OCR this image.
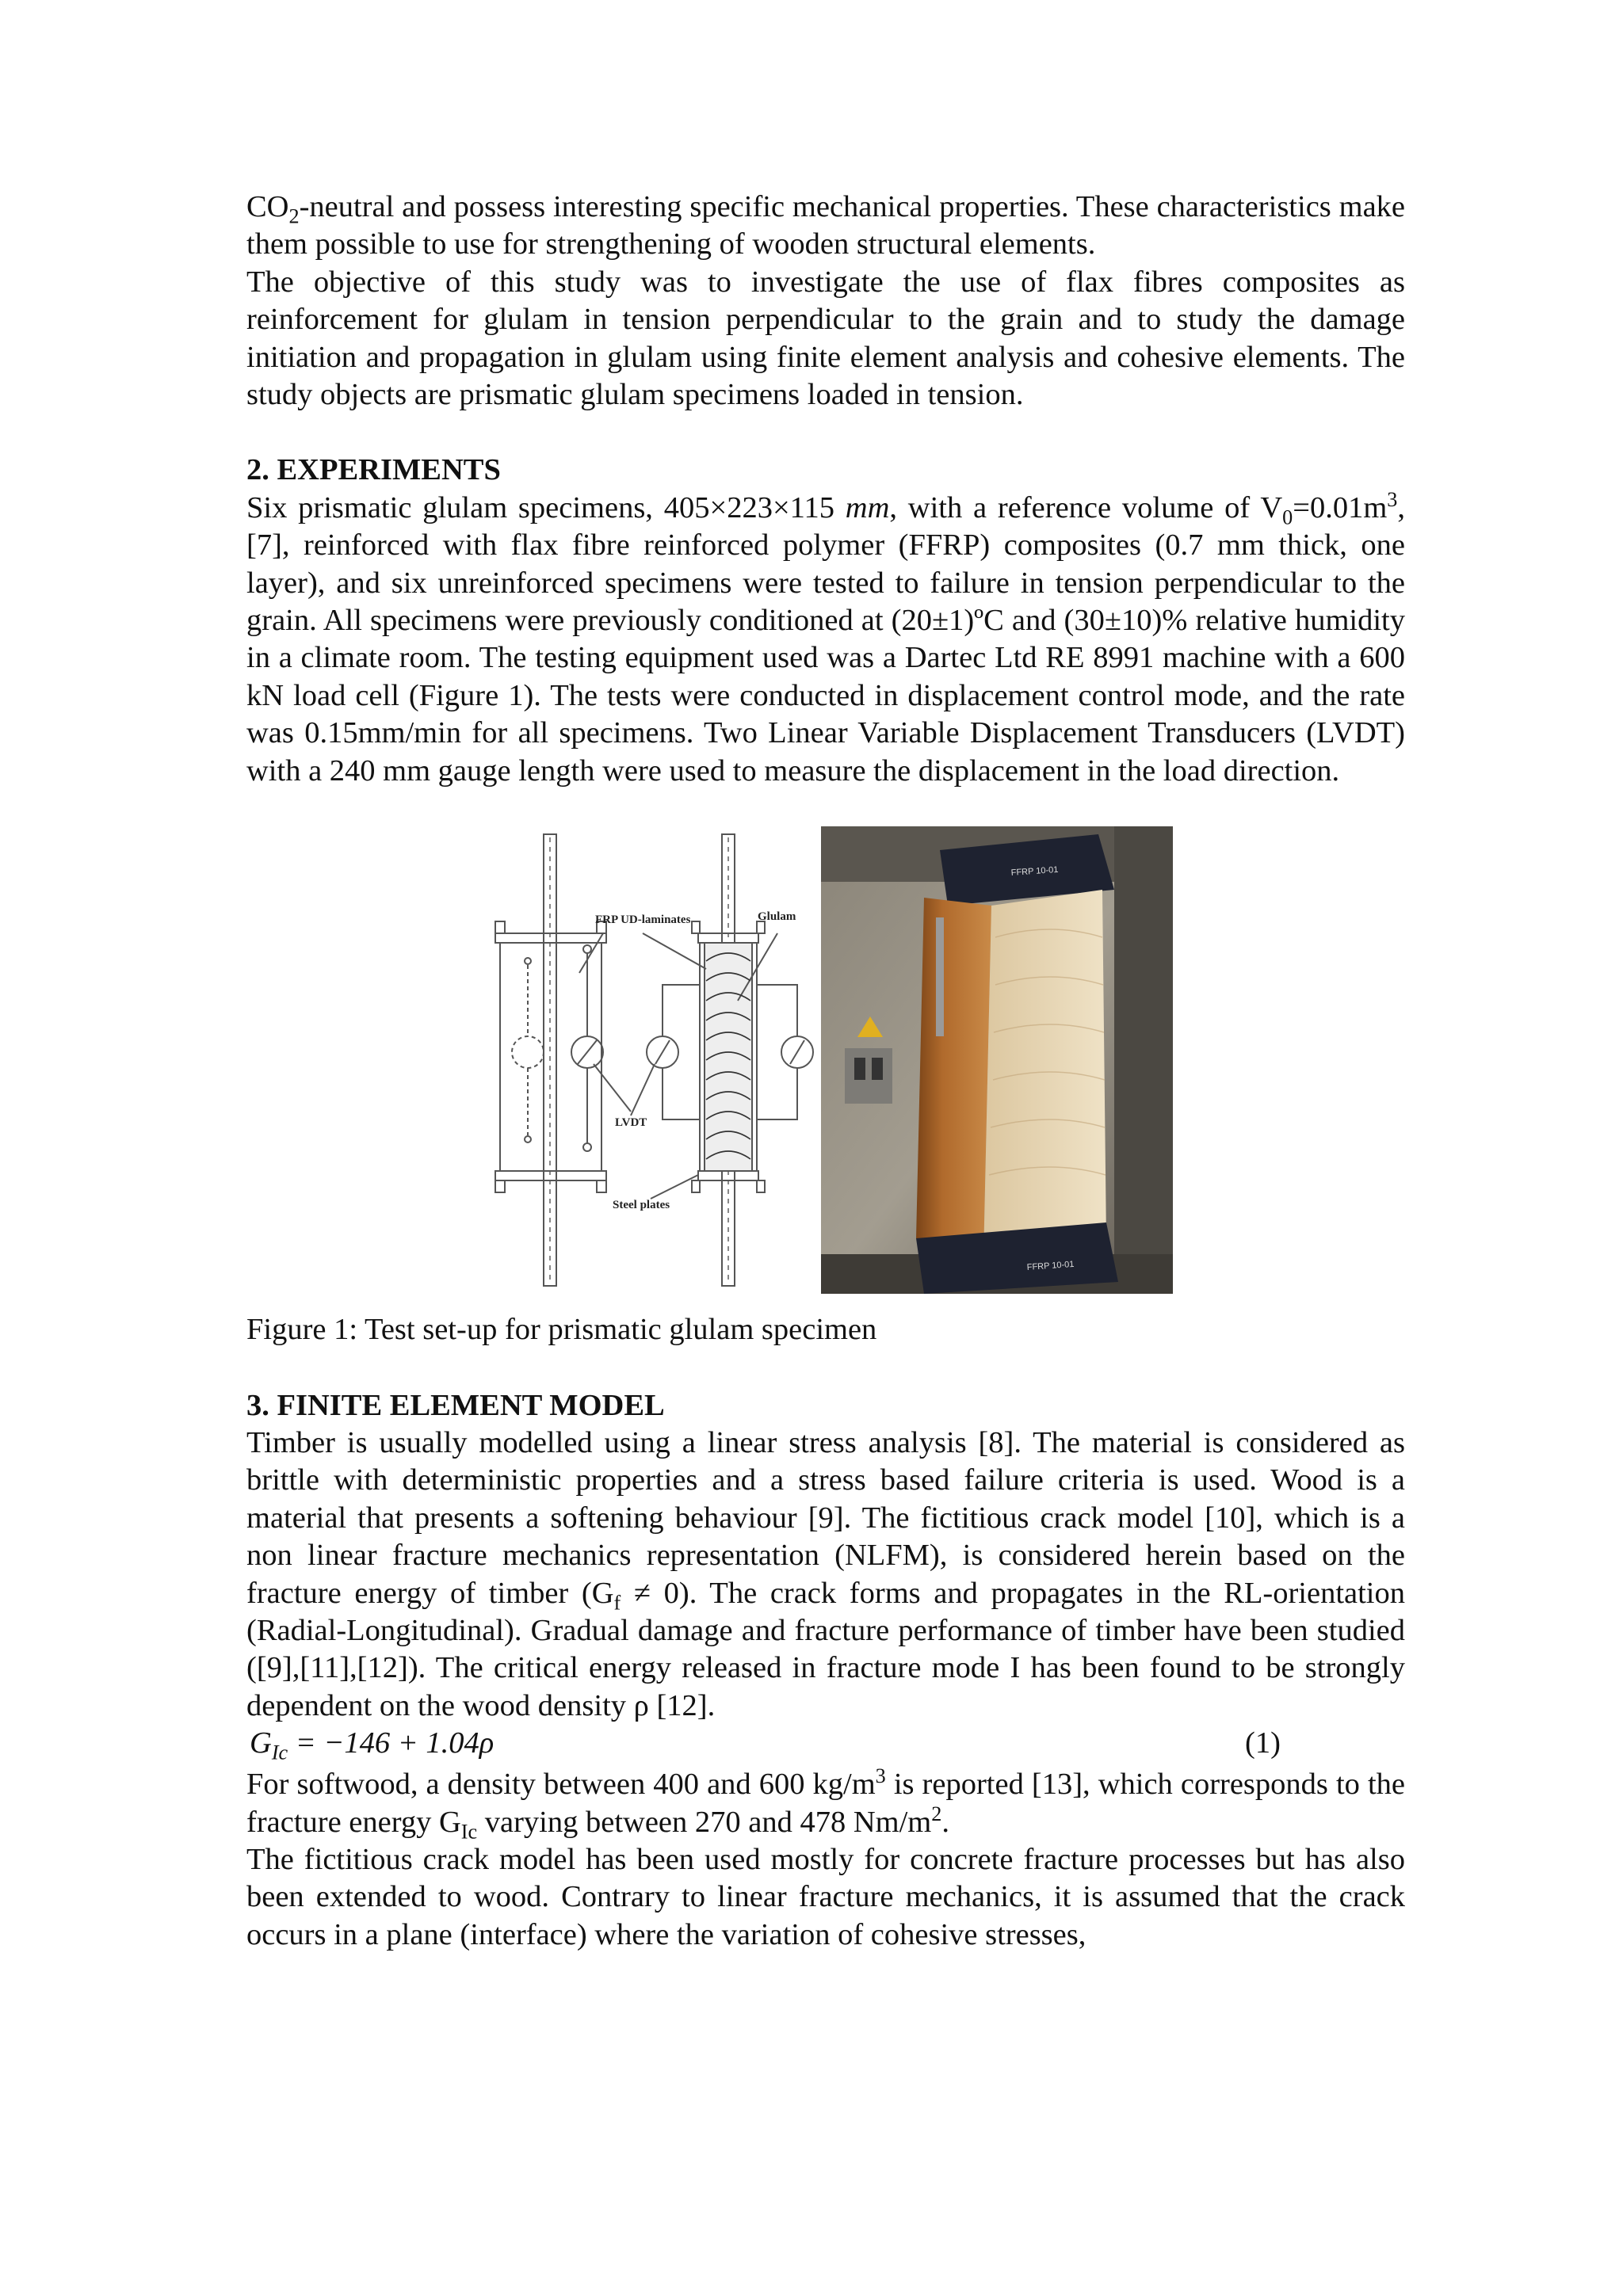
$CO_2$-neutral and possess interesting specific mechanical properties. These characteristics make them possible to use for strengthening of wooden structural elements.

The objective of this study was to investigate the use of flax fibres composites as reinforcement for glulam in tension perpendicular to the grain and to study the damage initiation and propagation in glulam using finite element analysis and cohesive elements. The study objects are prismatic glulam specimens loaded in tension.

2. EXPERIMENTS

Six prismatic glulam specimens, 405×223×115 mm, with a reference volume of $V_0=0.01m^3$, [7], reinforced with flax fibre reinforced polymer (FFRP) composites (0.7 mm thick, one layer), and six unreinforced specimens were tested to failure in tension perpendicular to the grain. All specimens were previously conditioned at (20±1)ºC and (30±10)% relative humidity in a climate room. The testing equipment used was a Dartec Ltd RE 8991 machine with a 600 kN load cell (Figure 1). The tests were conducted in displacement control mode, and the rate was 0.15mm/min for all specimens. Two Linear Variable Displacement Transducers (LVDT) with a 240 mm gauge length were used to measure the displacement in the load direction.

FRP UD-laminates	Glulam
LVDT
Steel plates
FFRP 10-01
FFRP 10-01

Figure 1: Test set-up for prismatic glulam specimen

3. FINITE ELEMENT MODEL

Timber is usually modelled using a linear stress analysis [8]. The material is considered as brittle with deterministic properties and a stress based failure criteria is used. Wood is a material that presents a softening behaviour [9]. The fictitious crack model [10], which is a non linear fracture mechanics representation (NLFM), is considered herein based on the fracture energy of timber $(G_f \ne 0)$. The crack forms and propagates in the RL-orientation (Radial-Longitudinal). Gradual damage and fracture performance of timber have been studied ([9],[11],[12]). The critical energy released in fracture mode I has been found to be strongly dependent on the wood density ρ [12].

$G_{Ic} = -146 + 1.04\rho$	(1)

For softwood, a density between 400 and 600 $kg/m^3$ is reported [13], which corresponds to the fracture energy $G_{Ic}$ varying between 270 and 478 $Nm/m^2$.

The fictitious crack model has been used mostly for concrete fracture processes but has also been extended to wood. Contrary to linear fracture mechanics, it is assumed that the crack occurs in a plane (interface) where the variation of cohesive stresses,
